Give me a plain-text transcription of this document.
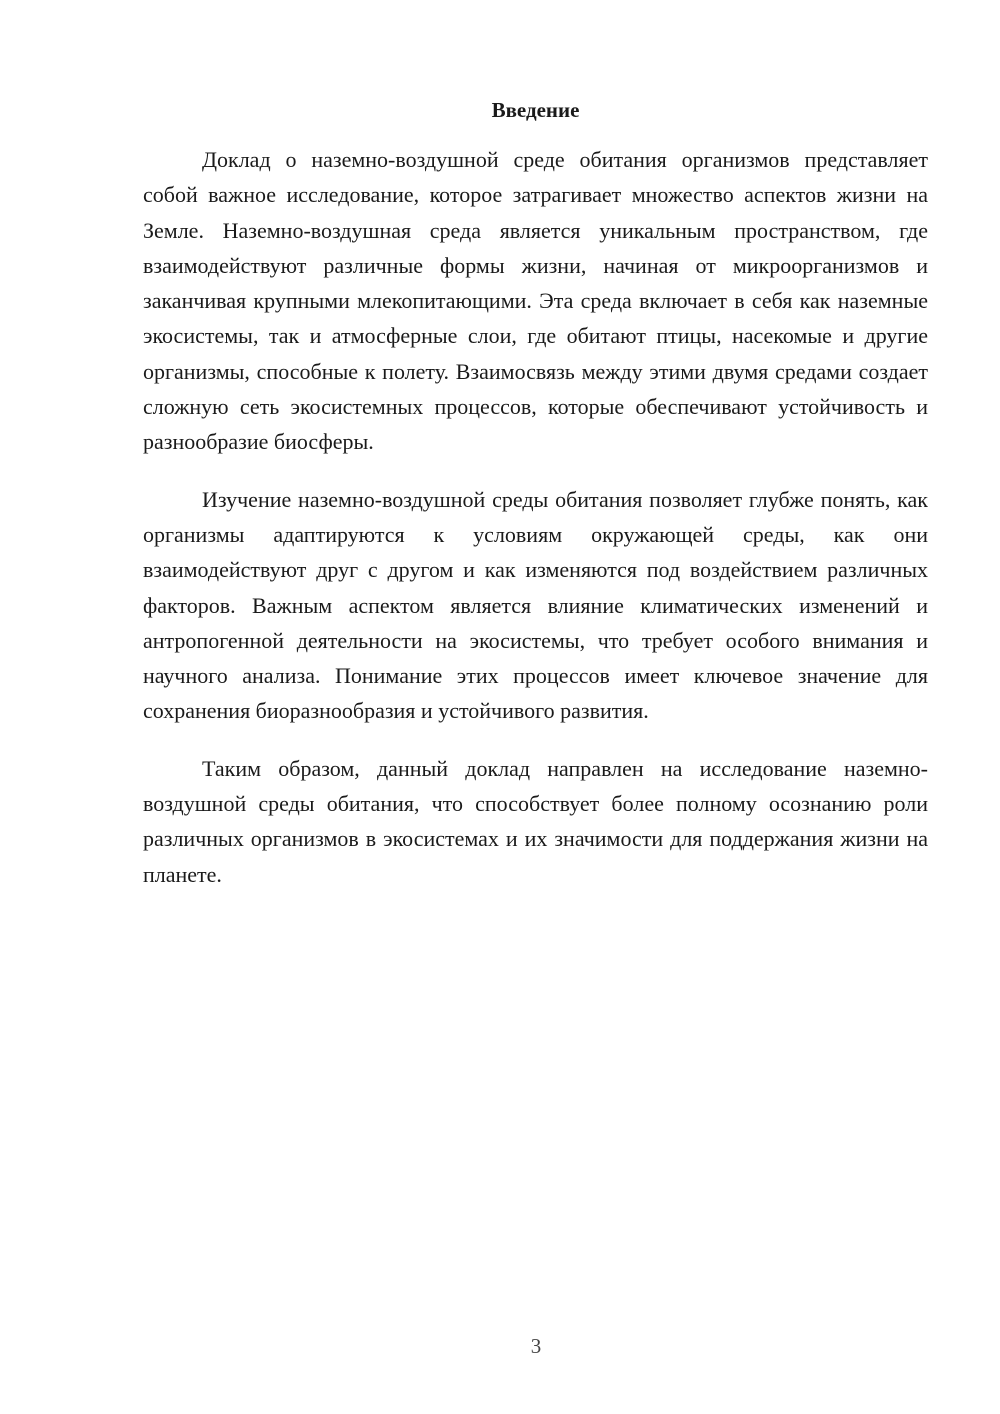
Введение

Доклад о наземно-воздушной среде обитания организмов представляет собой важное исследование, которое затрагивает множество аспектов жизни на Земле. Наземно-воздушная среда является уникальным пространством, где взаимодействуют различные формы жизни, начиная от микроорганизмов и заканчивая крупными млекопитающими. Эта среда включает в себя как наземные экосистемы, так и атмосферные слои, где обитают птицы, насекомые и другие организмы, способные к полету. Взаимосвязь между этими двумя средами создает сложную сеть экосистемных процессов, которые обеспечивают устойчивость и разнообразие биосферы.

Изучение наземно-воздушной среды обитания позволяет глубже понять, как организмы адаптируются к условиям окружающей среды, как они взаимодействуют друг с другом и как изменяются под воздействием различных факторов. Важным аспектом является влияние климатических изменений и антропогенной деятельности на экосистемы, что требует особого внимания и научного анализа. Понимание этих процессов имеет ключевое значение для сохранения биоразнообразия и устойчивого развития.

Таким образом, данный доклад направлен на исследование наземно-воздушной среды обитания, что способствует более полному осознанию роли различных организмов в экосистемах и их значимости для поддержания жизни на планете.

3
